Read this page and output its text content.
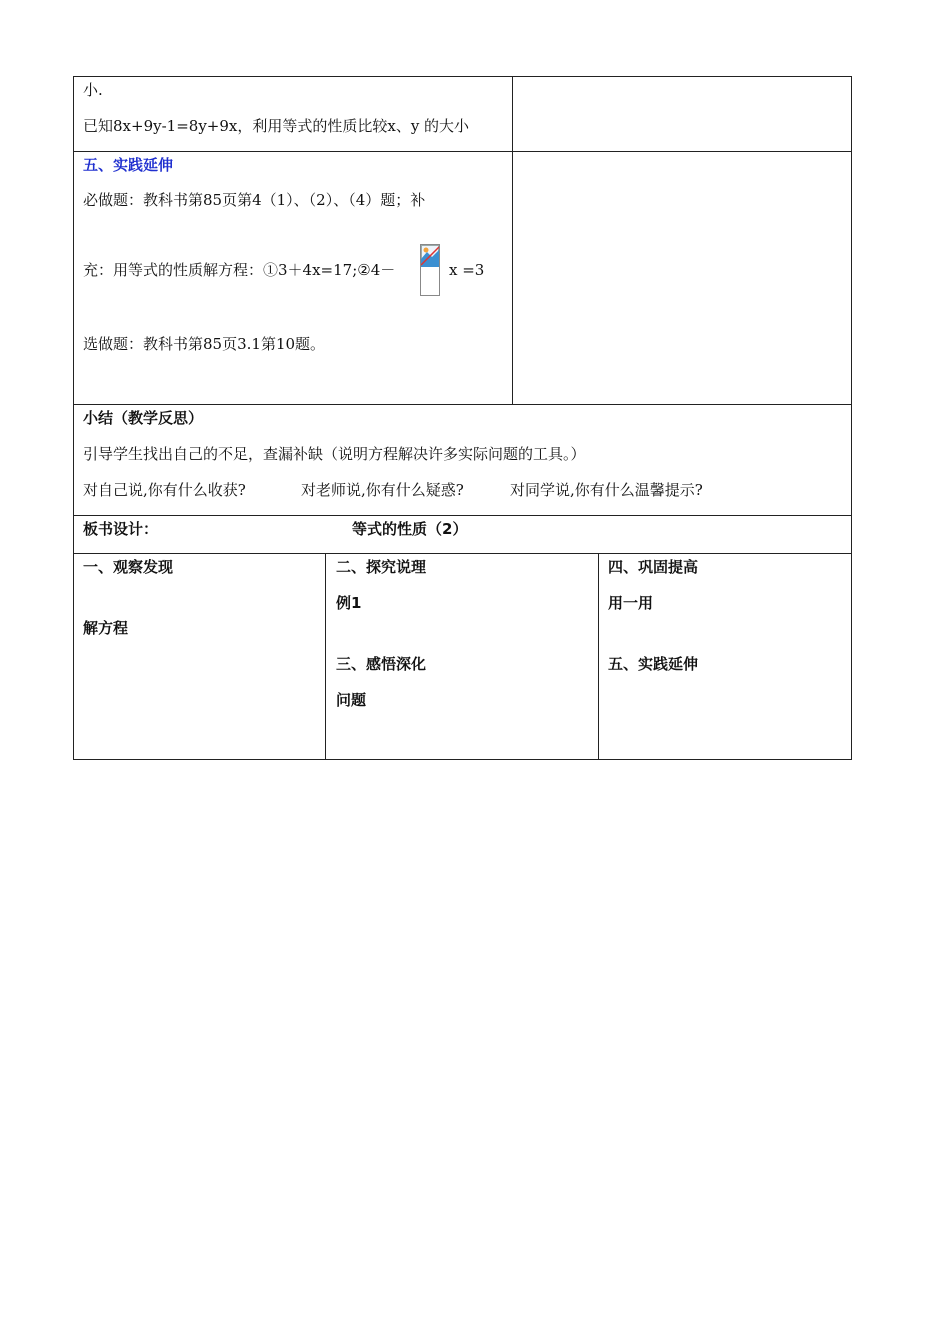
小.
已知8x+9y-1=8y+9x，利用等式的性质比较x、y 的大小
五、实践延伸
必做题：教科书第85页第4（1）、（2）、（4）题；补
充：用等式的性质解方程：①3＋4x=17;②4－	x =3
选做题：教科书第85页3.1第10题。
小结（教学反思）
引导学生找出自己的不足，查漏补缺（说明方程解决许多实际问题的工具。）
对自己说,你有什么收获?	对老师说,你有什么疑惑?	对同学说,你有什么温馨提示?
板书设计：	等式的性质（2）
一、观察发现
解方程
二、探究说理
例1
三、感悟深化
问题
四、巩固提高
用一用
五、实践延伸
